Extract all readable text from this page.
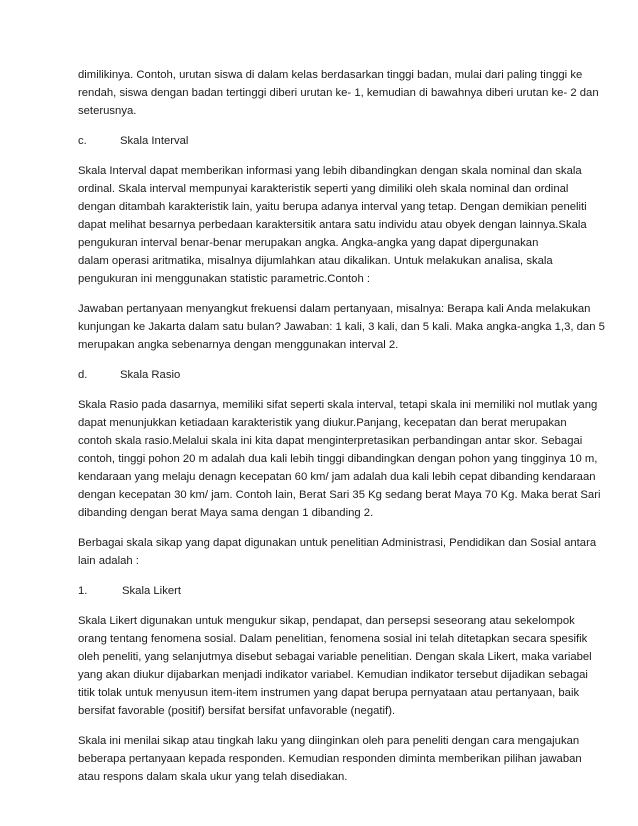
dimilikinya. Contoh, urutan siswa di dalam kelas berdasarkan tinggi badan, mulai dari paling tinggi ke
rendah, siswa dengan badan tertinggi diberi urutan ke- 1, kemudian di bawahnya diberi urutan ke- 2 dan
seterusnya.

c.	Skala Interval

Skala Interval dapat memberikan informasi yang lebih dibandingkan dengan skala nominal dan skala
ordinal. Skala interval mempunyai karakteristik seperti yang dimiliki oleh skala nominal dan ordinal
dengan ditambah karakteristik lain, yaitu berupa adanya interval yang tetap. Dengan demikian peneliti
dapat melihat besarnya perbedaan karaktersitik antara satu individu atau obyek dengan lainnya.Skala
pengukuran interval benar-benar merupakan angka. Angka-angka yang dapat dipergunakan
dalam operasi aritmatika, misalnya dijumlahkan atau dikalikan. Untuk melakukan analisa, skala
pengukuran ini menggunakan statistic parametric.Contoh :

Jawaban pertanyaan menyangkut frekuensi dalam pertanyaan, misalnya: Berapa kali Anda melakukan
kunjungan ke Jakarta dalam satu bulan? Jawaban: 1 kali, 3 kali, dan 5 kali. Maka angka-angka 1,3, dan 5
merupakan angka sebenarnya dengan menggunakan interval 2.

d.	Skala Rasio

Skala Rasio pada dasarnya, memiliki sifat seperti skala interval, tetapi skala ini memiliki nol mutlak yang
dapat menunjukkan ketiadaan karakteristik yang diukur.Panjang, kecepatan dan berat merupakan
contoh skala rasio.Melalui skala ini kita dapat menginterpretasikan perbandingan antar skor. Sebagai
contoh, tinggi pohon 20 m adalah dua kali lebih tinggi dibandingkan dengan pohon yang tingginya 10 m,
kendaraan yang melaju denagn kecepatan 60 km/ jam adalah dua kali lebih cepat dibanding kendaraan
dengan kecepatan 30 km/ jam. Contoh lain, Berat Sari 35 Kg sedang berat Maya 70 Kg. Maka berat Sari
dibanding dengan berat Maya sama dengan 1 dibanding 2.

Berbagai skala sikap yang dapat digunakan untuk penelitian Administrasi, Pendidikan dan Sosial antara
lain adalah :

1.	Skala Likert

Skala Likert digunakan untuk mengukur sikap, pendapat, dan persepsi seseorang atau sekelompok
orang tentang fenomena sosial. Dalam penelitian, fenomena sosial ini telah ditetapkan secara spesifik
oleh peneliti, yang selanjutmya disebut sebagai variable penelitian. Dengan skala Likert, maka variabel
yang akan diukur dijabarkan menjadi indikator variabel. Kemudian indikator tersebut dijadikan sebagai
titik tolak untuk menyusun item-item instrumen yang dapat berupa pernyataan atau pertanyaan, baik
bersifat favorable (positif) bersifat bersifat unfavorable (negatif).

Skala ini menilai sikap atau tingkah laku yang diinginkan oleh para peneliti dengan cara mengajukan
beberapa pertanyaan kepada responden. Kemudian responden diminta memberikan pilihan jawaban
atau respons dalam skala ukur yang telah disediakan.
